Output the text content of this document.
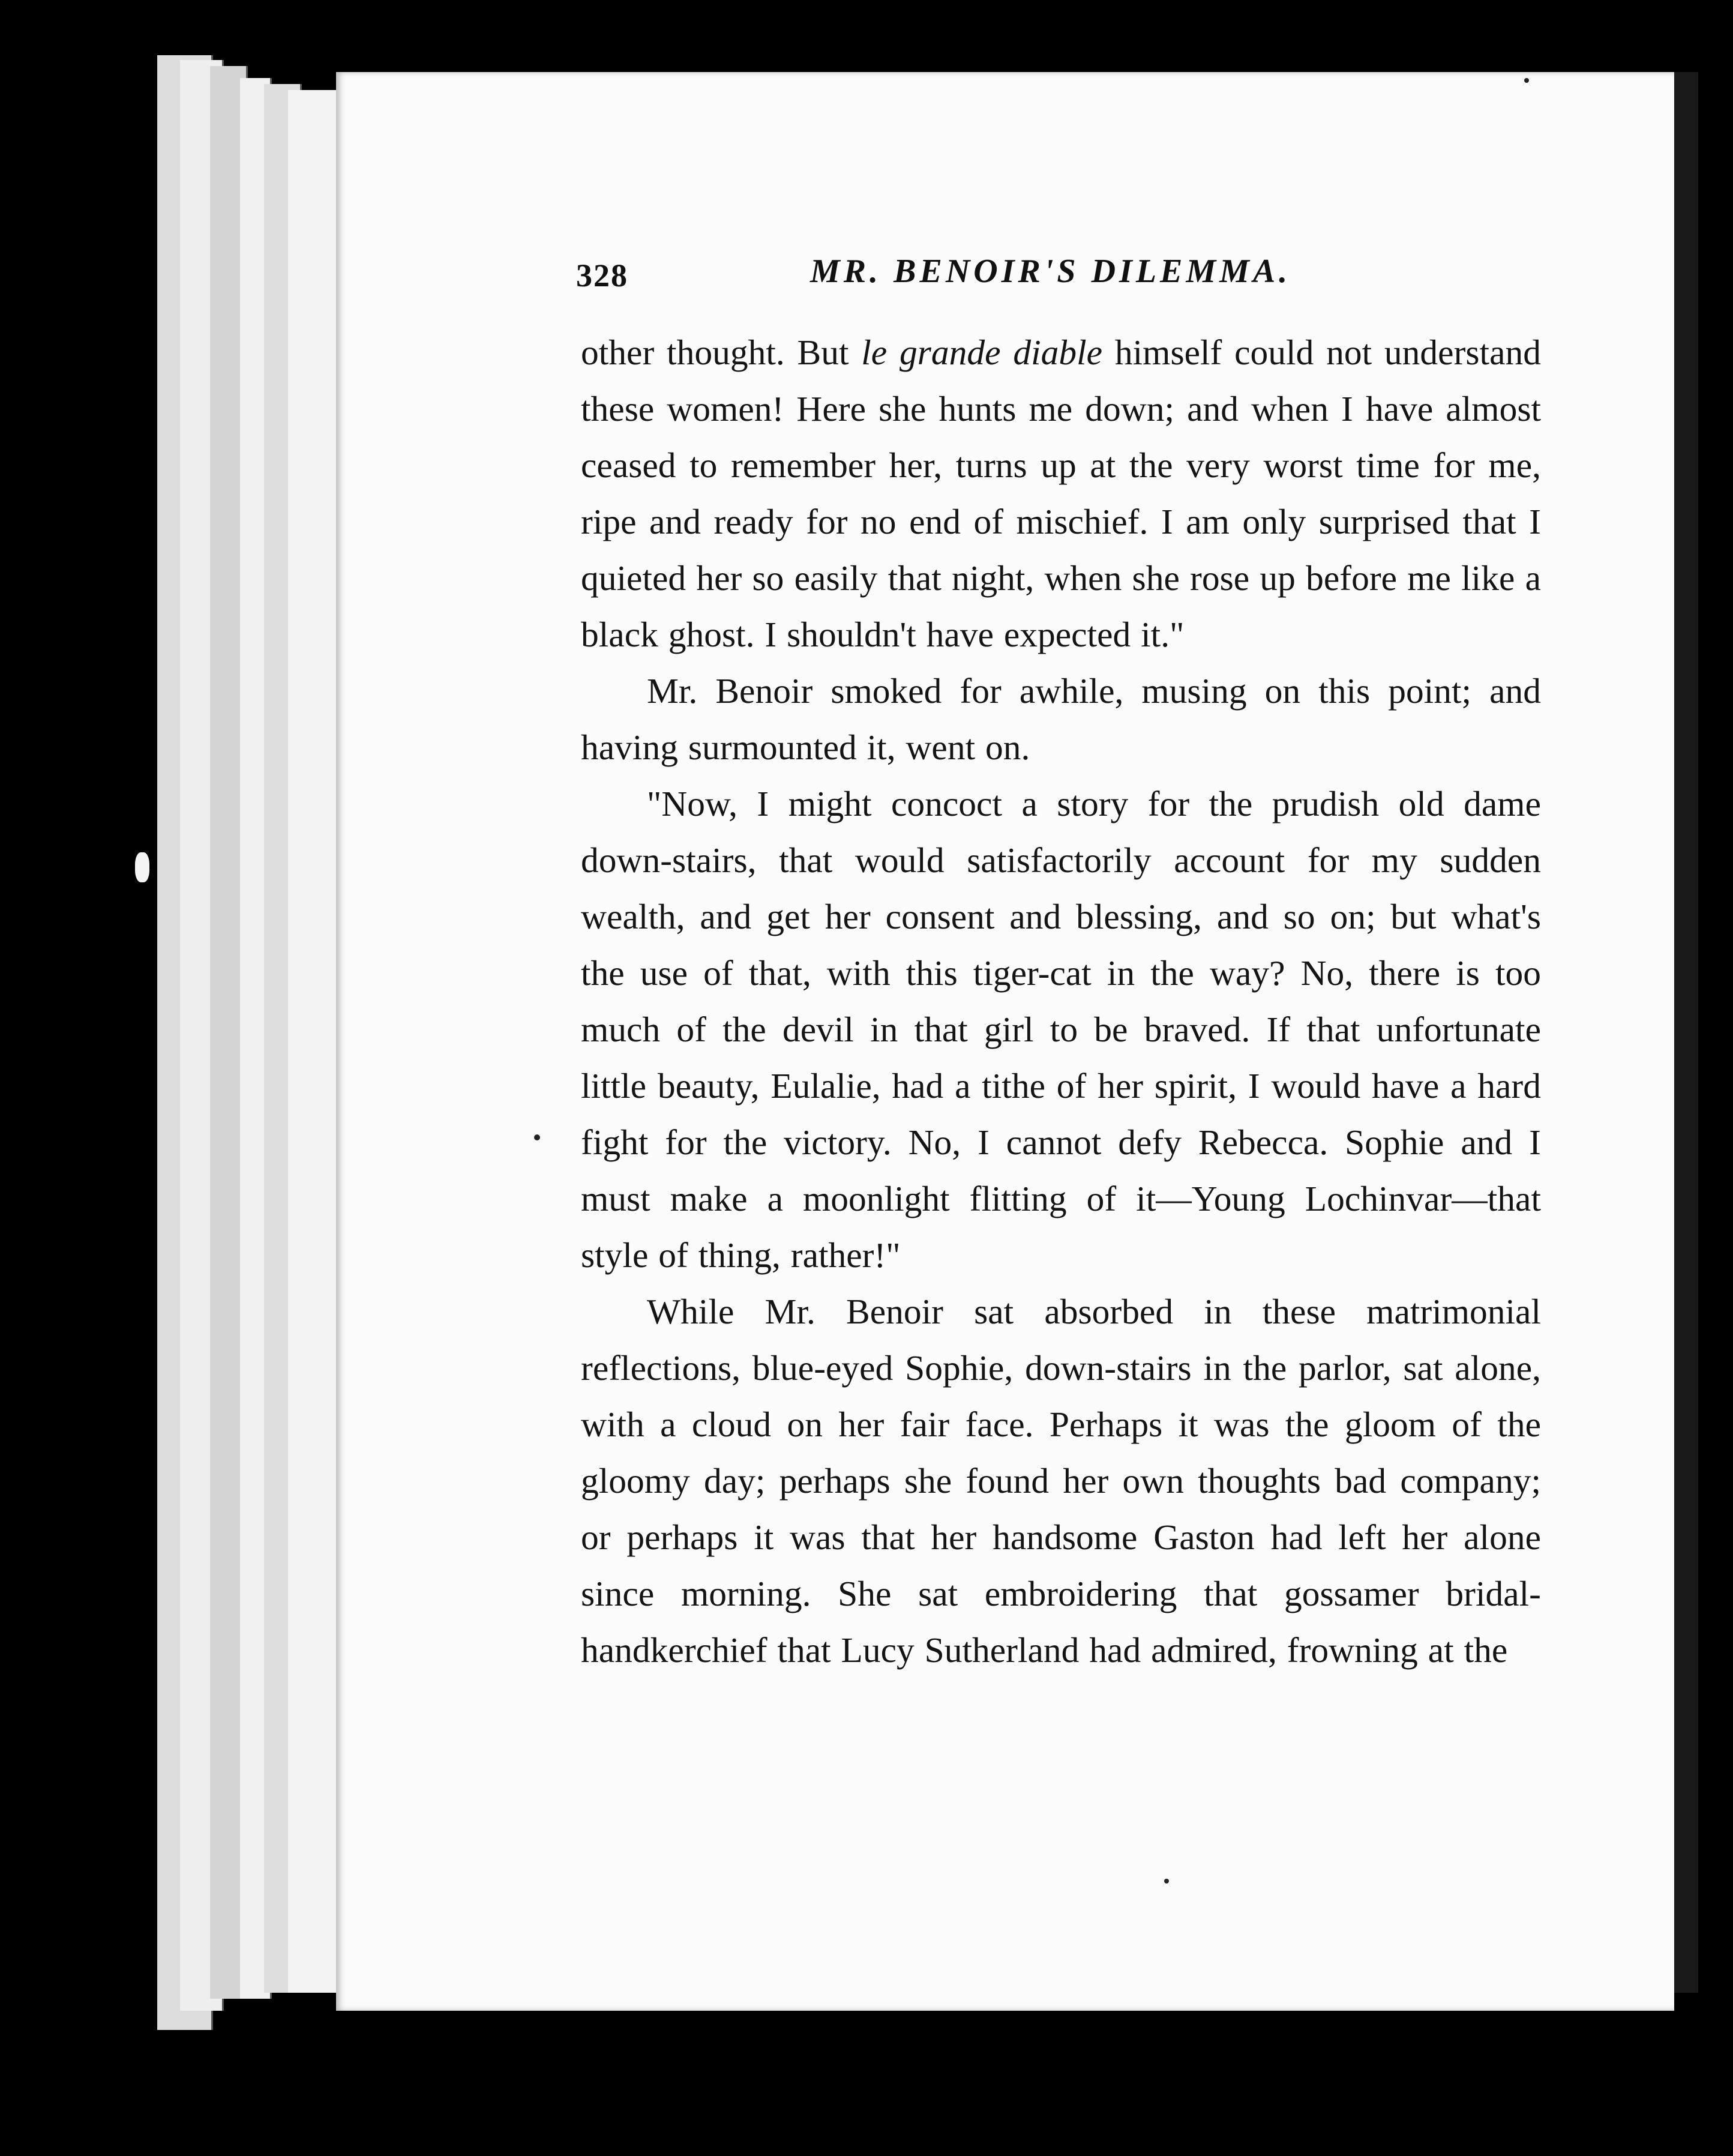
328	MR. BENOIR'S DILEMMA.

other thought. But le grande diable himself could not understand these women! Here she hunts me down; and when I have almost ceased to remember her, turns up at the very worst time for me, ripe and ready for no end of mischief. I am only surprised that I quieted her so easily that night, when she rose up before me like a black ghost. I shouldn't have expected it."

Mr. Benoir smoked for awhile, musing on this point; and having surmounted it, went on.

"Now, I might concoct a story for the prudish old dame down-stairs, that would satisfactorily account for my sudden wealth, and get her consent and blessing, and so on; but what's the use of that, with this tiger-cat in the way? No, there is too much of the devil in that girl to be braved. If that unfortunate little beauty, Eulalie, had a tithe of her spirit, I would have a hard fight for the victory. No, I cannot defy Rebecca. Sophie and I must make a moonlight flitting of it—Young Lochinvar—that style of thing, rather!"

While Mr. Benoir sat absorbed in these matrimonial reflections, blue-eyed Sophie, down-stairs in the parlor, sat alone, with a cloud on her fair face. Perhaps it was the gloom of the gloomy day; perhaps she found her own thoughts bad company; or perhaps it was that her handsome Gaston had left her alone since morning. She sat embroidering that gossamer bridal-handkerchief that Lucy Sutherland had admired, frowning at the
